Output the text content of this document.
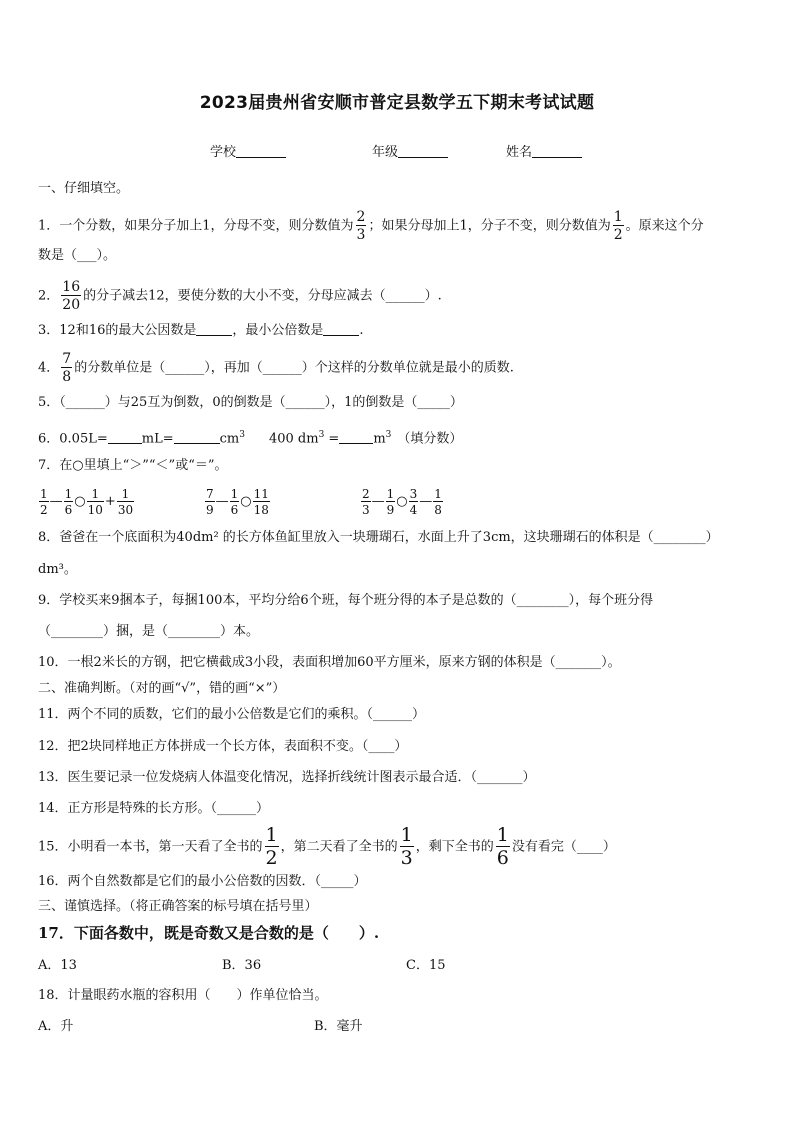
2023届贵州省安顺市普定县数学五下期末考试试题
学校	年级	姓名
一、仔细填空。
1．一个分数，如果分子加上1，分母不变，则分数值为 $\frac{2}{3}$ ；如果分母加上1，分子不变，则分数值为 $\frac{1}{2}$ 。原来这个分
数是（___）。
2． $\frac{16}{20}$ 的分子减去12，要使分数的大小不变，分母应减去（______）.
3．12和16的最大公因数是	，最小公倍数是	.
4． $\frac{7}{8}$ 的分数单位是（______），再加（______）个这样的分数单位就是最小的质数.
5．（______）与25互为倒数，0的倒数是（______），1的倒数是（_____）
6．0.05L=	mL=	$cm^3$ 400 $dm^3$ =	$m^3$ （填分数）
7．在○里填上“＞”“＜”或“＝”。
$\frac{1}{2}$ — $\frac{1}{6}$ ○ $\frac{1}{10} + \frac{1}{30}$	$\frac{7}{9}$ — $\frac{1}{6}$ ○ $\frac{11}{18}$	$\frac{2}{3}$ — $\frac{1}{9}$ ○ $\frac{3}{4}$ — $\frac{1}{8}$
8．爸爸在一个底面积为40dm² 的长方体鱼缸里放入一块珊瑚石，水面上升了3cm，这块珊瑚石的体积是（________）
dm³。
9．学校买来9捆本子，每捆100本，平均分给6个班，每个班分得的本子是总数的（________），每个班分得
（________）捆，是（________）本。
10．一根2米长的方钢，把它横截成3小段，表面积增加60平方厘米，原来方钢的体积是（_______）。
二、准确判断。（对的画“√”，错的画“×”）
11．两个不同的质数，它们的最小公倍数是它们的乘积。（______）
12．把2块同样地正方体拼成一个长方体，表面积不变。（____）
13．医生要记录一位发烧病人体温变化情况，选择折线统计图表示最合适．（_______）
14．正方形是特殊的长方形。（______）
15．小明看一本书，第一天看了全书的 $\frac{1}{2}$ ，第二天看了全书的 $\frac{1}{3}$ ，剩下全书的 $\frac{1}{6}$ 没有看完（____）
16．两个自然数都是它们的最小公倍数的因数．（_____）
三、谨慎选择。（将正确答案的标号填在括号里）
17．下面各数中，既是奇数又是合数的是（　　）.
A．13	B．36	C．15
18．计量眼药水瓶的容积用（　　）作单位恰当。
A．升	B．毫升
